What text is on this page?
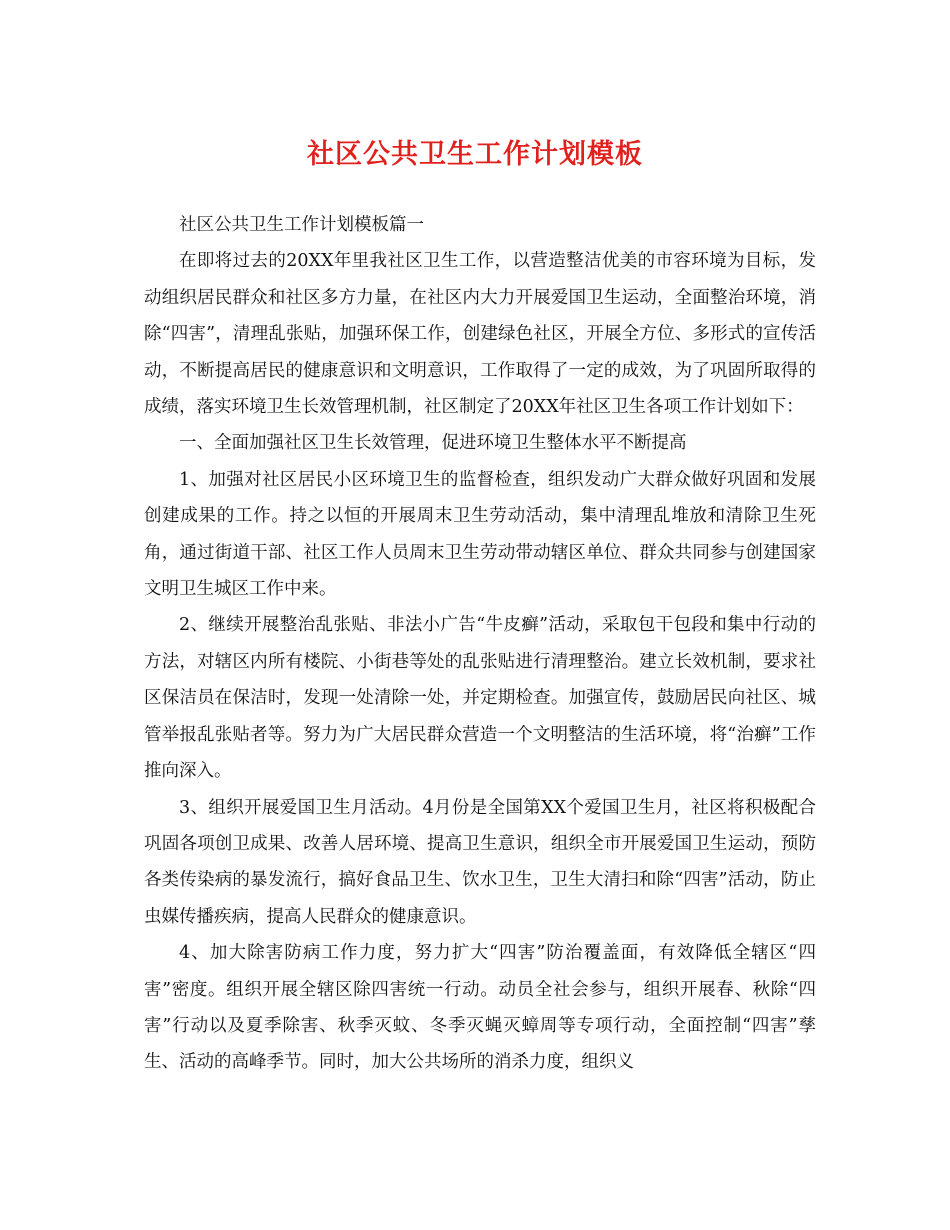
社区公共卫生工作计划模板

社区公共卫生工作计划模板篇一

在即将过去的20XX年里我社区卫生工作，以营造整洁优美的市容环境为目标，发动组织居民群众和社区多方力量，在社区内大力开展爱国卫生运动，全面整治环境，消除“四害”，清理乱张贴，加强环保工作，创建绿色社区，开展全方位、多形式的宣传活动，不断提高居民的健康意识和文明意识，工作取得了一定的成效，为了巩固所取得的成绩，落实环境卫生长效管理机制，社区制定了20XX年社区卫生各项工作计划如下：

一、全面加强社区卫生长效管理，促进环境卫生整体水平不断提高

1、加强对社区居民小区环境卫生的监督检查，组织发动广大群众做好巩固和发展创建成果的工作。持之以恒的开展周末卫生劳动活动，集中清理乱堆放和清除卫生死角，通过街道干部、社区工作人员周末卫生劳动带动辖区单位、群众共同参与创建国家文明卫生城区工作中来。

2、继续开展整治乱张贴、非法小广告“牛皮癣”活动，采取包干包段和集中行动的方法，对辖区内所有楼院、小街巷等处的乱张贴进行清理整治。建立长效机制，要求社区保洁员在保洁时，发现一处清除一处，并定期检查。加强宣传，鼓励居民向社区、城管举报乱张贴者等。努力为广大居民群众营造一个文明整洁的生活环境，将“治癣”工作推向深入。

3、组织开展爱国卫生月活动。4月份是全国第XX个爱国卫生月，社区将积极配合巩固各项创卫成果、改善人居环境、提高卫生意识，组织全市开展爱国卫生运动，预防各类传染病的暴发流行，搞好食品卫生、饮水卫生，卫生大清扫和除“四害”活动，防止虫媒传播疾病，提高人民群众的健康意识。

4、加大除害防病工作力度，努力扩大“四害”防治覆盖面，有效降低全辖区“四害”密度。组织开展全辖区除四害统一行动。动员全社会参与，组织开展春、秋除“四害”行动以及夏季除害、秋季灭蚊、冬季灭蝇灭蟑周等专项行动，全面控制“四害”孳生、活动的高峰季节。同时，加大公共场所的消杀力度，组织义
